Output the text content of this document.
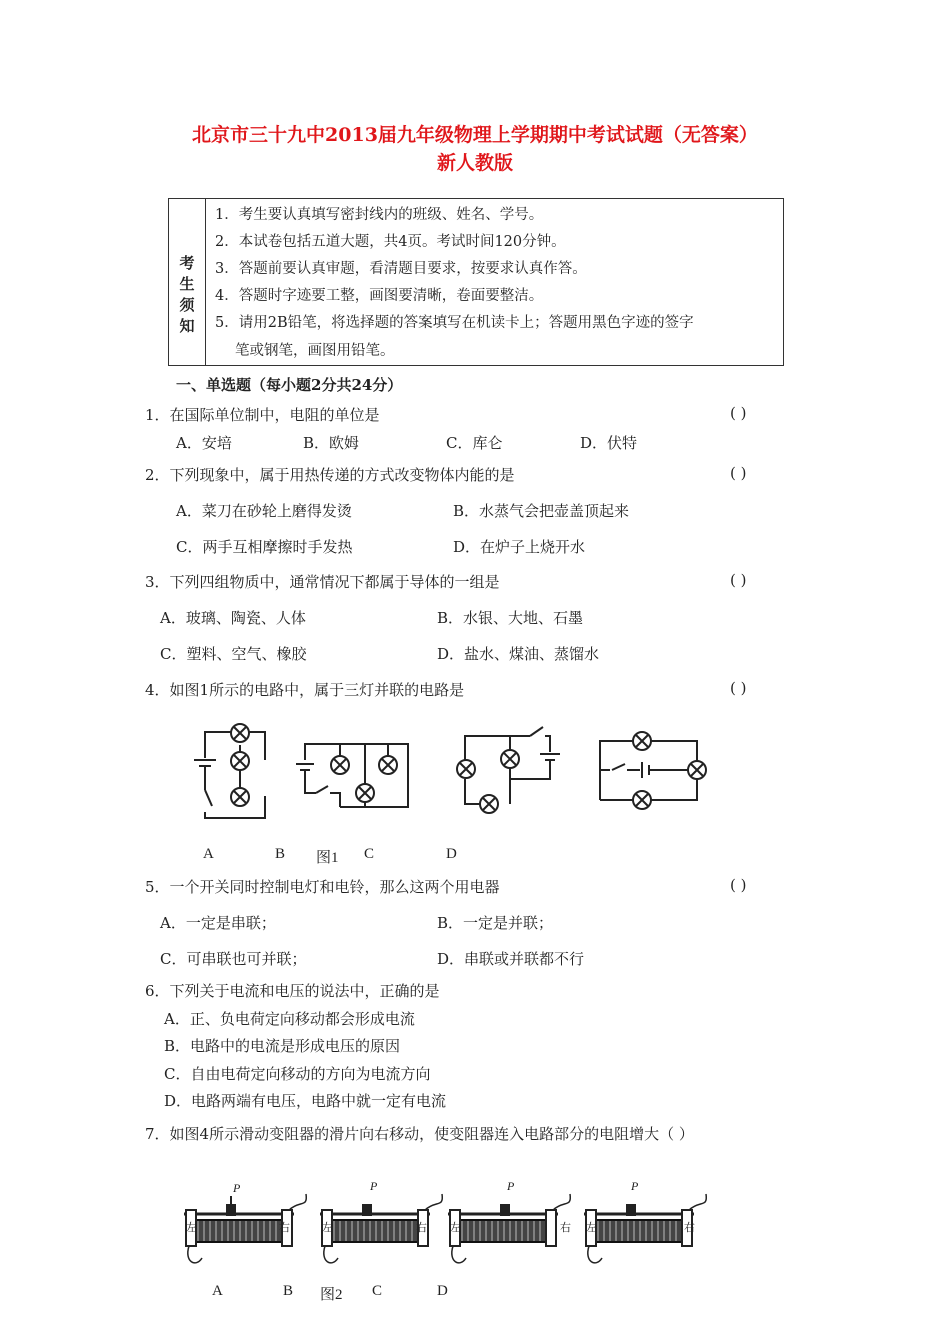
北京市三十九中2013届九年级物理上学期期中考试试题（无答案）
新人教版
考
生
须
知
1．考生要认真填写密封线内的班级、姓名、学号。
2．本试卷包括五道大题，共4页。考试时间120分钟。
3．答题前要认真审题，看清题目要求，按要求认真作答。
4．答题时字迹要工整，画图要清晰，卷面要整洁。
5．请用2B铅笔，将选择题的答案填写在机读卡上；答题用黑色字迹的签字
笔或钢笔，画图用铅笔。
一、单选题（每小题2分共24分）
1．在国际单位制中，电阻的单位是	( )
A．安培	B．欧姆	C．库仑	D．伏特
2．下列现象中，属于用热传递的方式改变物体内能的是	( )
A．菜刀在砂轮上磨得发烫	B．水蒸气会把壶盖顶起来
C．两手互相摩擦时手发热	D．在炉子上烧开水
3．下列四组物质中，通常情况下都属于导体的一组是	( )
A．玻璃、陶瓷、人体	B．水银、大地、石墨
C．塑料、空气、橡胶	D．盐水、煤油、蒸馏水
4．如图1所示的电路中，属于三灯并联的电路是	( )
A	B 图1 C	D
5．一个开关同时控制电灯和电铃，那么这两个用电器	( )
A．一定是串联；	B．一定是并联；
C．可串联也可并联；	D．串联或并联都不行
6．下列关于电流和电压的说法中，正确的是
A．正、负电荷定向移动都会形成电流
B．电路中的电流是形成电压的原因
C．自由电荷定向移动的方向为电流方向
D．电路两端有电压，电路中就一定有电流
7．如图4所示滑动变阻器的滑片向右移动，使变阻器连入电路部分的电阻增大（ ）
P	P	P	P
左	右	左	右 左	右 左	右
A	B 图2 C	D
